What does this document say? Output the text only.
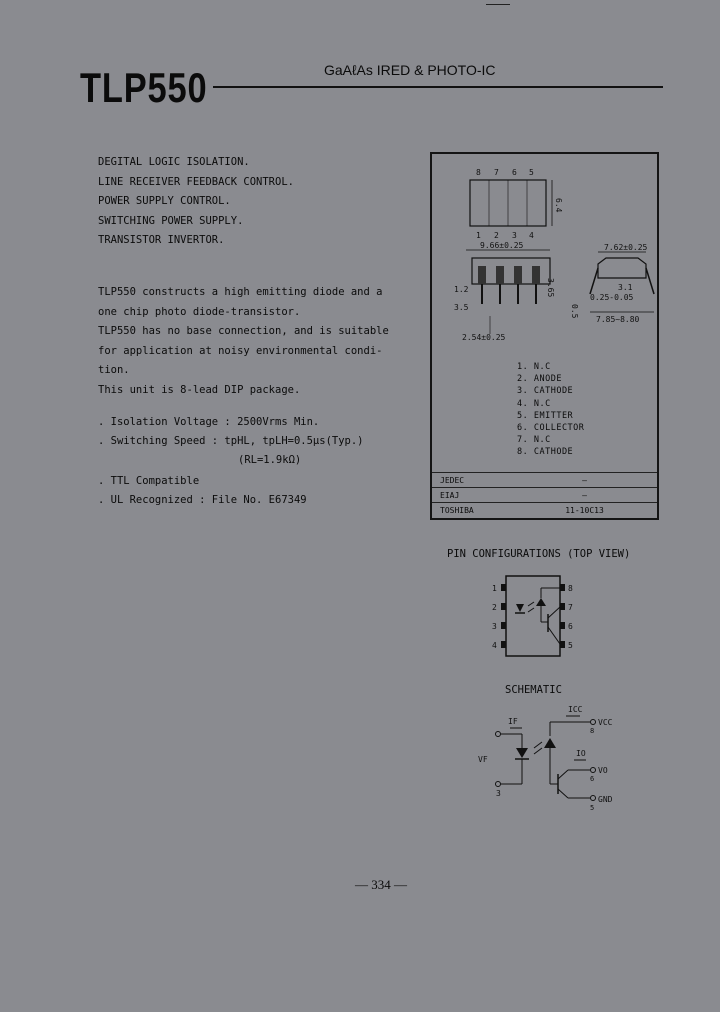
TLP550	GaAℓAs IRED & PHOTO-IC
DEGITAL LOGIC ISOLATION.
LINE RECEIVER FEEDBACK CONTROL.
POWER SUPPLY CONTROL.
SWITCHING POWER SUPPLY.
TRANSISTOR INVERTOR.
TLP550 constructs a high emitting diode and a
one chip photo diode-transistor.
TLP550 has no base connection, and is suitable
for application at noisy environmental condi-
tion.
This unit is 8-lead DIP package.
. Isolation Voltage : 2500Vrms Min.
. Switching Speed : tpHL, tpLH=0.5μs(Typ.)
(RL=1.9kΩ)
. TTL Compatible
. UL Recognized : File No. E67349
8 7 6 5
1 2 3 4
6.4
9.66±0.25
1.2
3.5
3.65
2.54±0.25
7.62±0.25
3.1
0.25-0.05
0.5
7.85~8.80
1. N.C
2. ANODE
3. CATHODE
4. N.C
5. EMITTER
6. COLLECTOR
7. N.C
8. CATHODE
JEDEC	—
EIAJ	—
TOSHIBA	11-10C13
PIN CONFIGURATIONS (TOP VIEW)
1
2
3
4
8
7
6
5
SCHEMATIC
IF
VF
3
ICC
VCC
8
IO
VO
6
GND
5
— 334 —
